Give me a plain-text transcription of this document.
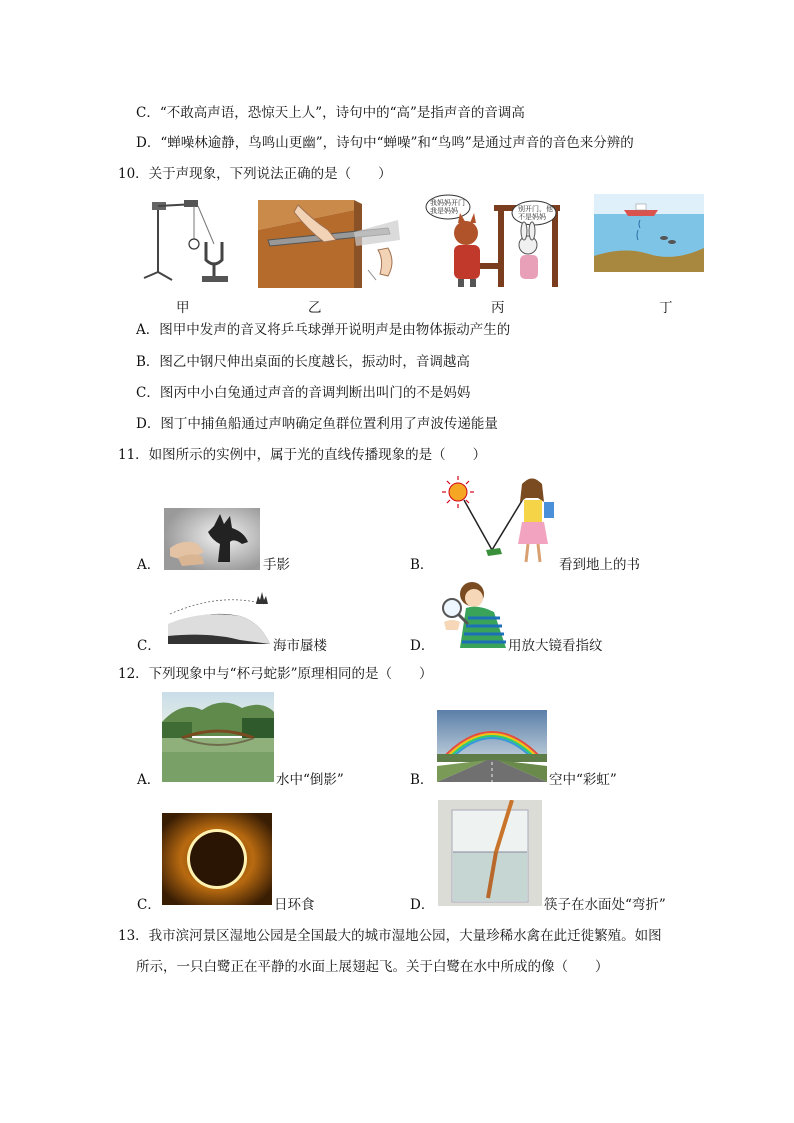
C．“不敢高声语，恐惊天上人”，诗句中的“高”是指声音的音调高
D．“蝉噪林逾静，鸟鸣山更幽”，诗句中“蝉噪”和“鸟鸣”是通过声音的音色来分辨的
10．关于声现象，下列说法正确的是（　　）
我妈妈开门
我是妈妈	别开门，他
不是妈妈
甲	乙	丙	丁
A．图甲中发声的音叉将乒乓球弹开说明声是由物体振动产生的
B．图乙中钢尺伸出桌面的长度越长，振动时，音调越高
C．图丙中小白兔通过声音的音调判断出叫门的不是妈妈
D．图丁中捕鱼船通过声呐确定鱼群位置利用了声波传递能量
11．如图所示的实例中，属于光的直线传播现象的是（　　）
A．	手影	B．	看到地上的书
C．	海市蜃楼	D．	用放大镜看指纹
12．下列现象中与“杯弓蛇影”原理相同的是（　　）
A．	水中“倒影”	B．	空中“彩虹”
C．	日环食	D．	筷子在水面处“弯折”
13．我市滨河景区湿地公园是全国最大的城市湿地公园，大量珍稀水禽在此迁徙繁殖。如图
所示，一只白鹭正在平静的水面上展翅起飞。关于白鹭在水中所成的像（　　）
